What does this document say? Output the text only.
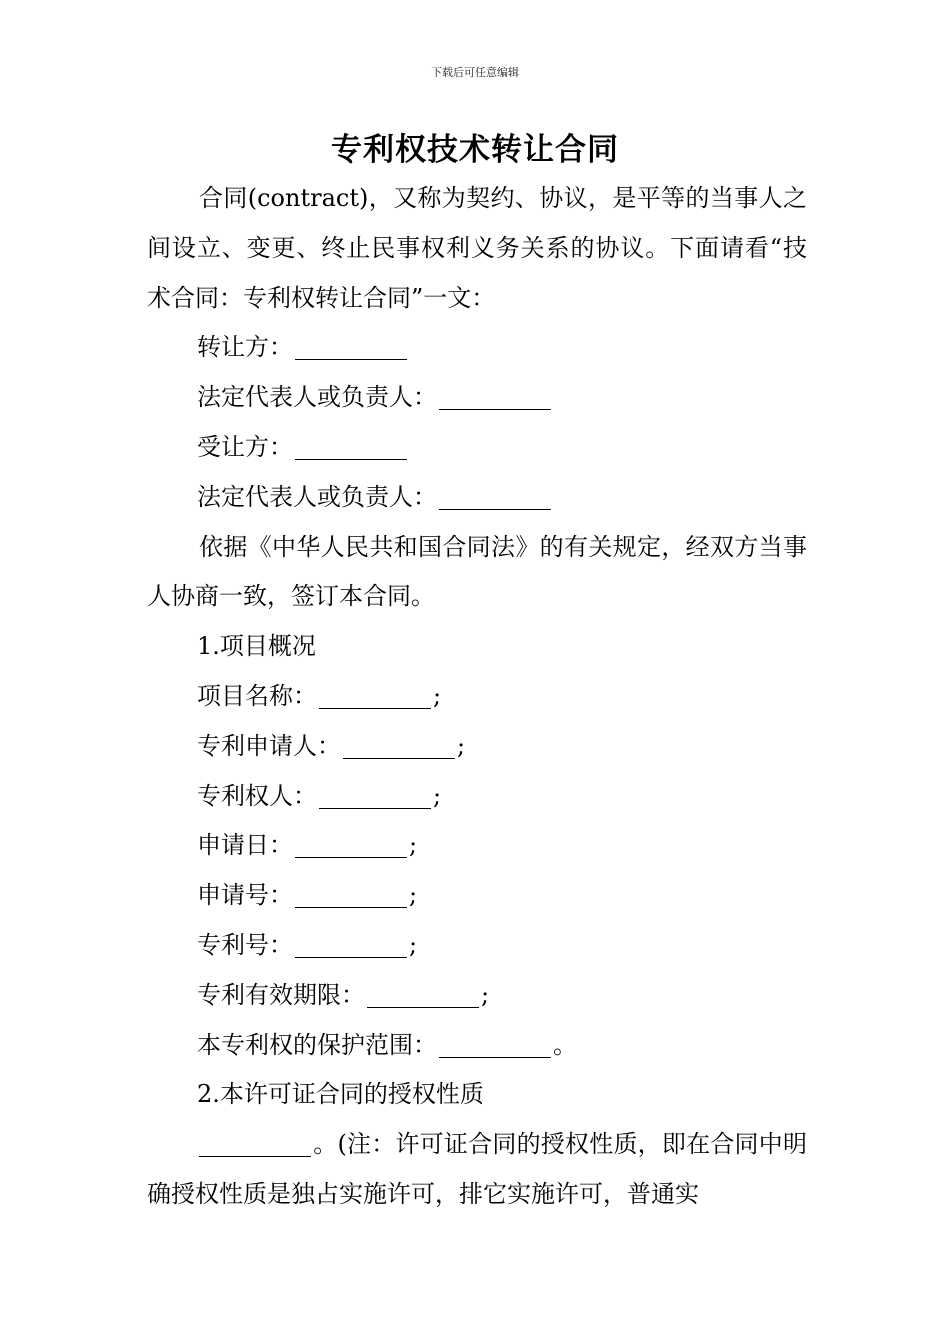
下载后可任意编辑
专利权技术转让合同

合同(contract)，又称为契约、协议，是平等的当事人之间设立、变更、终止民事权利义务关系的协议。下面请看“技术合同：专利权转让合同”一文：

转让方：

法定代表人或负责人：

受让方：

法定代表人或负责人：

依据《中华人民共和国合同法》的有关规定，经双方当事人协商一致，签订本合同。

1.项目概况

项目名称：	;

专利申请人：	;

专利权人：	;

申请日：	;

申请号：	;

专利号：	;

专利有效期限：	;

本专利权的保护范围：	。

2.本许可证合同的授权性质

。(注：许可证合同的授权性质，即在合同中明确授权性质是独占实施许可，排它实施许可，普通实
